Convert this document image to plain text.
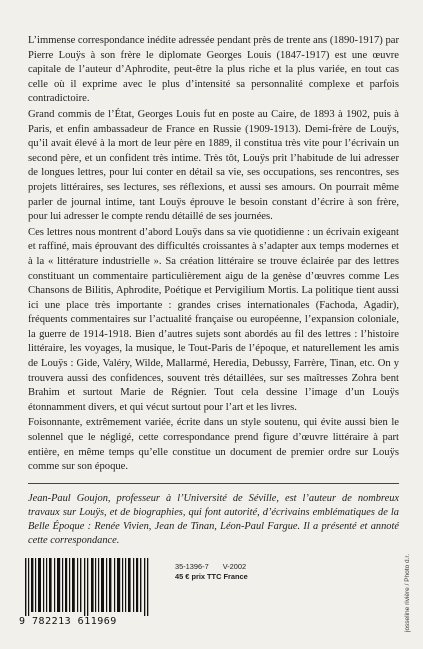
L’immense correspondance inédite adressée pendant près de trente ans (1890-1917) par Pierre Louÿs à son frère le diplomate Georges Louis (1847-1917) est une œuvre capitale de l’auteur d’Aphrodite, peut-être la plus riche et la plus variée, en tout cas celle où il exprime avec le plus d’intensité sa personnalité complexe et parfois contradictoire.

Grand commis de l’État, Georges Louis fut en poste au Caire, de 1893 à 1902, puis à Paris, et enfin ambassadeur de France en Russie (1909-1913). Demi-frère de Louÿs, qu’il avait élevé à la mort de leur père en 1889, il constitua très vite pour l’écrivain un second père, et un confident très intime. Très tôt, Louÿs prit l’habitude de lui adresser de longues lettres, pour lui conter en détail sa vie, ses occupations, ses rencontres, ses projets littéraires, ses lectures, ses réflexions, et aussi ses amours. On pourrait même parler de journal intime, tant Louÿs éprouve le besoin constant d’écrire à son frère, pour lui adresser le compte rendu détaillé de ses journées.

Ces lettres nous montrent d’abord Louÿs dans sa vie quotidienne : un écrivain exigeant et raffiné, mais éprouvant des difficultés croissantes à s’adapter aux temps modernes et à la « littérature industrielle ». Sa création littéraire se trouve éclairée par des lettres constituant un commentaire particulièrement aigu de la genèse d’œuvres comme Les Chansons de Bilitis, Aphrodite, Poétique et Pervigilium Mortis. La politique tient aussi ici une place très importante : grandes crises internationales (Fachoda, Agadir), fréquents commentaires sur l’actualité française ou européenne, l’expansion coloniale, la guerre de 1914-1918. Bien d’autres sujets sont abordés au fil des lettres : l’histoire littéraire, les voyages, la musique, le Tout-Paris de l’époque, et naturellement les amis de Louÿs : Gide, Valéry, Wilde, Mallarmé, Heredia, Debussy, Farrère, Tinan, etc. On y trouvera aussi des confidences, souvent très détaillées, sur ses maîtresses Zohra bent Brahim et surtout Marie de Régnier. Tout cela dessine l’image d’un Louÿs étonnamment divers, et qui vécut surtout pour l’art et les livres.

Foisonnante, extrêmement variée, écrite dans un style soutenu, qui évite aussi bien le solennel que le négligé, cette correspondance prend figure d’œuvre littéraire à part entière, en même temps qu’elle constitue un document de premier ordre sur Louÿs comme sur son époque.

Jean-Paul Goujon, professeur à l’Université de Séville, est l’auteur de nombreux travaux sur Louÿs, et de biographies, qui font autorité, d’écrivains emblématiques de la Belle Époque : Renée Vivien, Jean de Tinan, Léon-Paul Fargue. Il a présenté et annoté cette correspondance.

9 782213 611969
35-1396-7 V-2002
45 € prix TTC France	josseline rivière / Photo d.r.
